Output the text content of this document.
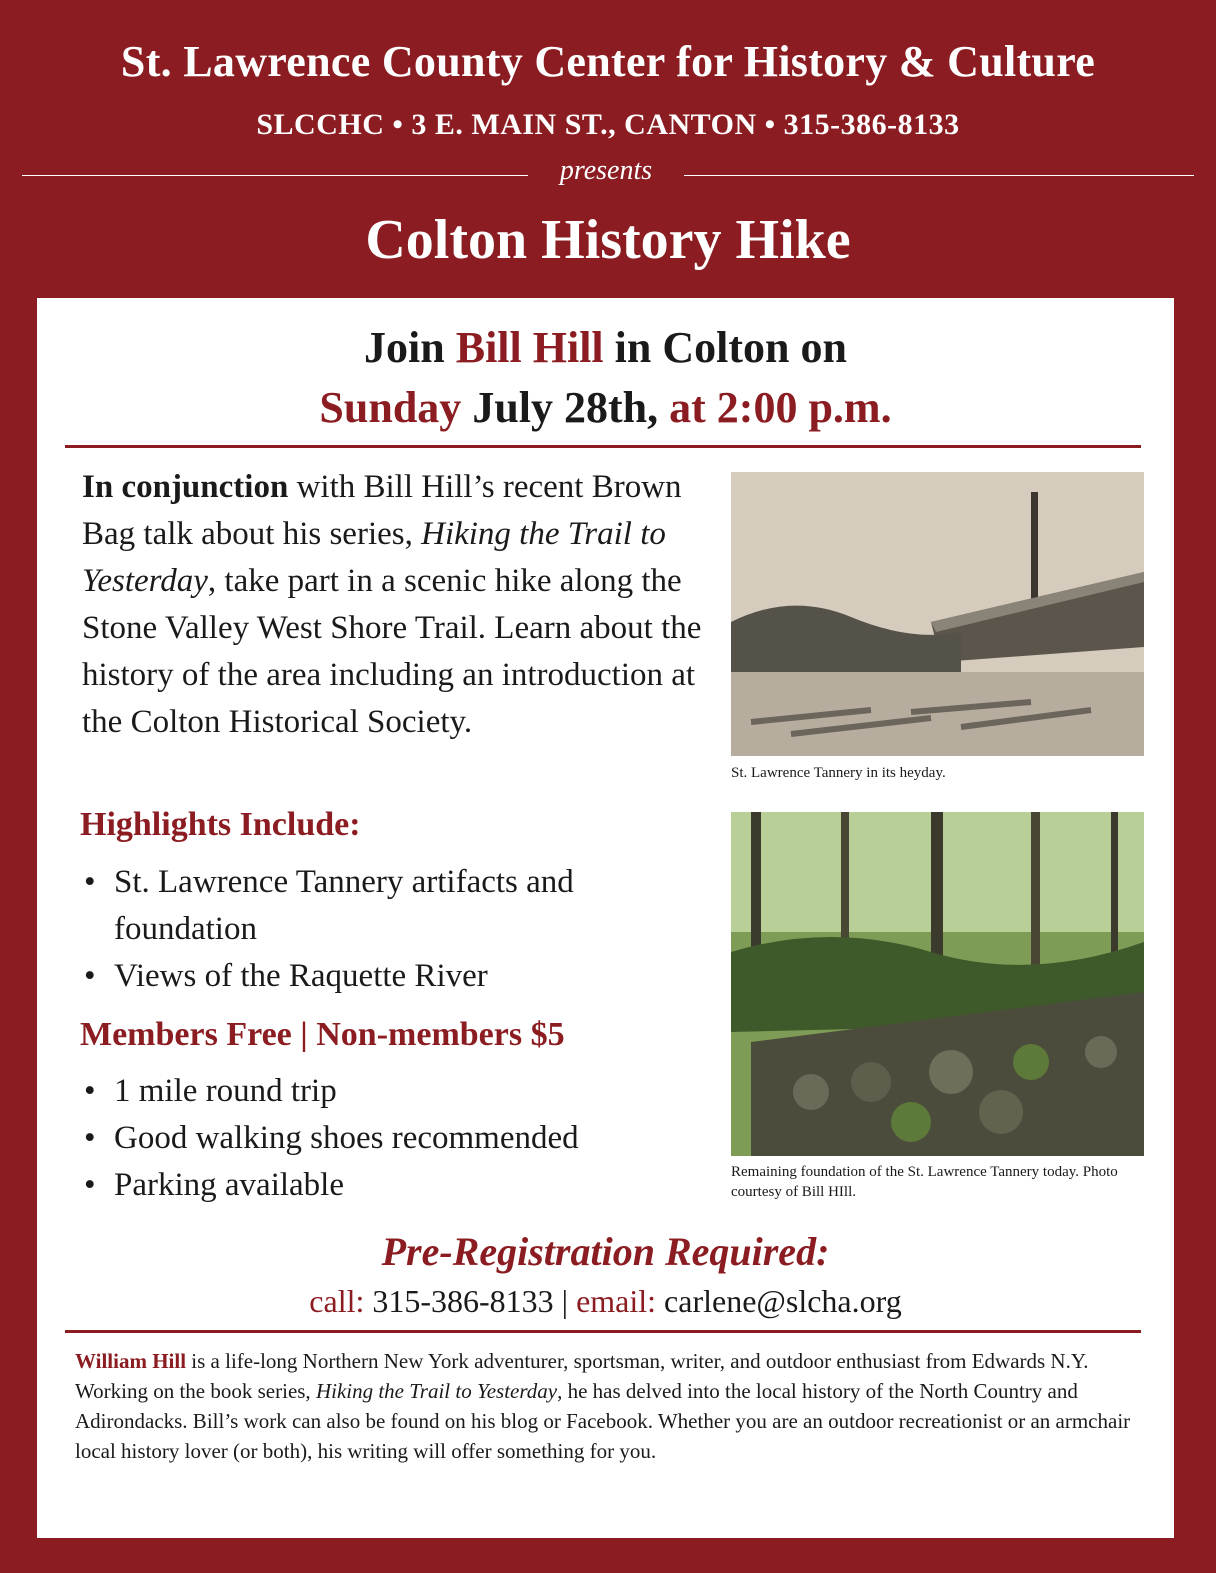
St. Lawrence County Center for History & Culture
SLCCHC • 3 E. MAIN ST., CANTON • 315-386-8133
presents
Colton History Hike
Join Bill Hill in Colton on
Sunday July 28th, at 2:00 p.m.
In conjunction with Bill Hill’s recent Brown Bag talk about his series, Hiking the Trail to Yesterday, take part in a scenic hike along the Stone Valley West Shore Trail. Learn about the history of the area including an introduction at the Colton Historical Society.
St. Lawrence Tannery in its heyday.
Remaining foundation of the St. Lawrence Tannery today. Photo courtesy of Bill HIll.
Highlights Include:
• St. Lawrence Tannery artifacts and foundation
• Views of the Raquette River
Members Free | Non-members $5
• 1 mile round trip
• Good walking shoes recommended
• Parking available
Pre-Registration Required:
call: 315-386-8133 | email: carlene@slcha.org
William Hill is a life-long Northern New York adventurer, sportsman, writer, and outdoor enthusiast from Edwards N.Y. Working on the book series, Hiking the Trail to Yesterday, he has delved into the local history of the North Country and Adirondacks. Bill’s work can also be found on his blog or Facebook. Whether you are an outdoor recreationist or an armchair local history lover (or both), his writing will offer something for you.
